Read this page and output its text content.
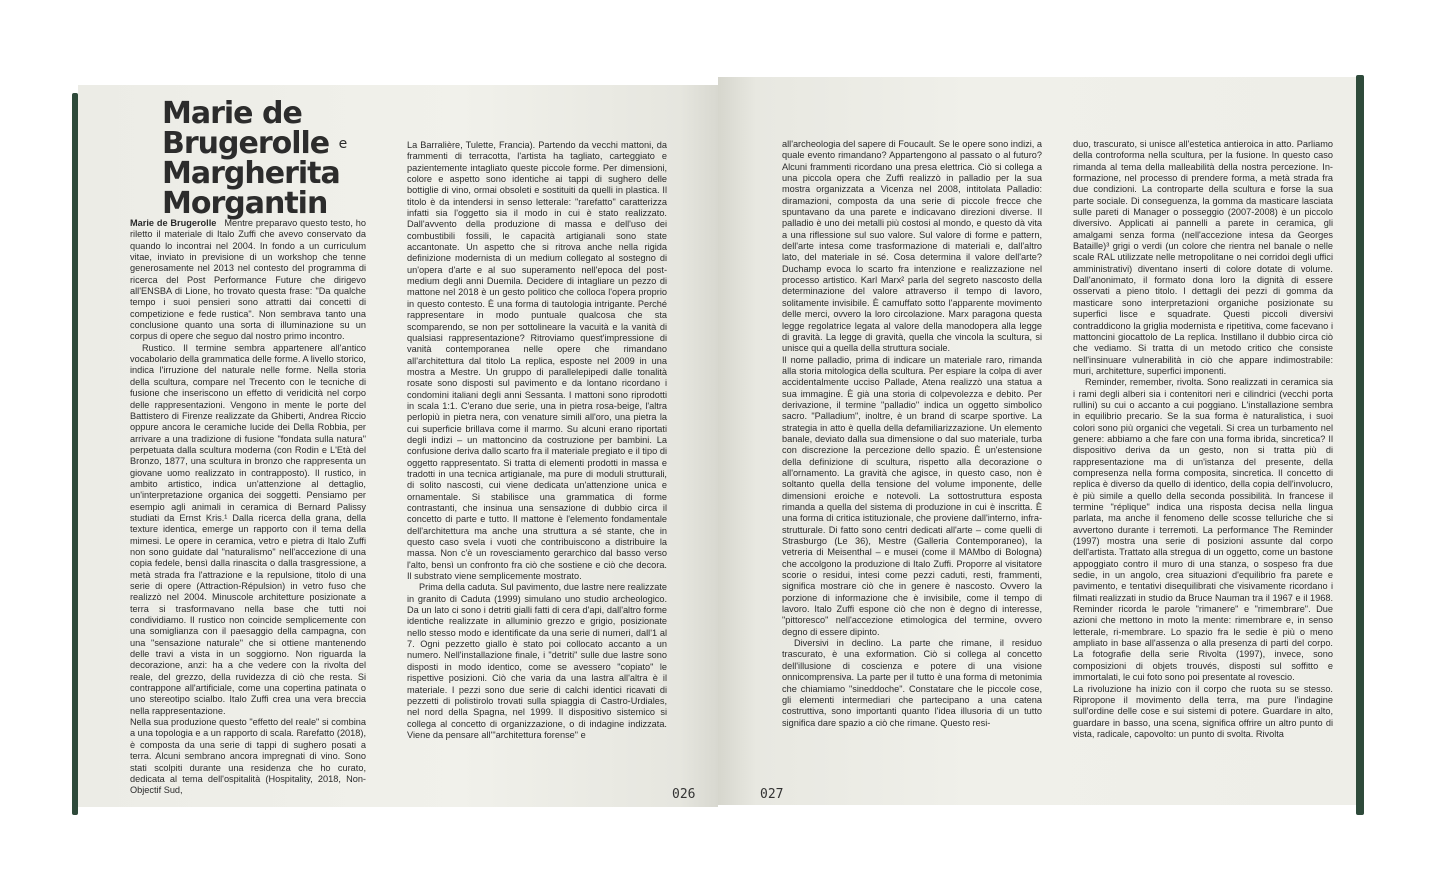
Marie de
Brugerolle $^e$
Margherita
Morgantin

Marie de Brugerolle Mentre preparavo questo testo, ho riletto il materiale di Italo Zuffi che avevo conservato da quando lo incontrai nel 2004. In fondo a un curriculum vitae, inviato in previsione di un workshop che tenne generosamente nel 2013 nel contesto del programma di ricerca del Post Performance Future che dirigevo all'ENSBA di Lione, ho trovato questa frase: "Da qualche tempo i suoi pensieri sono attratti dai concetti di competizione e fede rustica". Non sembrava tanto una conclusione quanto una sorta di illuminazione su un corpus di opere che seguo dal nostro primo incontro.

Rustico. Il termine sembra appartenere all'antico vocabolario della grammatica delle forme. A livello storico, indica l'irruzione del naturale nelle forme. Nella storia della scultura, compare nel Trecento con le tecniche di fusione che inseriscono un effetto di veridicità nel corpo delle rappresentazioni. Vengono in mente le porte del Battistero di Firenze realizzate da Ghiberti, Andrea Riccio oppure ancora le ceramiche lucide dei Della Robbia, per arrivare a una tradizione di fusione "fondata sulla natura" perpetuata dalla scultura moderna (con Rodin e L'Età del Bronzo, 1877, una scultura in bronzo che rappresenta un giovane uomo realizzato in contrapposto). Il rustico, in ambito artistico, indica un'attenzione al dettaglio, un'interpretazione organica dei soggetti. Pensiamo per esempio agli animali in ceramica di Bernard Palissy studiati da Ernst Kris.¹ Dalla ricerca della grana, della texture identica, emerge un rapporto con il tema della mimesi. Le opere in ceramica, vetro e pietra di Italo Zuffi non sono guidate dal "naturalismo" nell'accezione di una copia fedele, bensì dalla rinascita o dalla trasgressione, a metà strada fra l'attrazione e la repulsione, titolo di una serie di opere (Attraction-Répulsion) in vetro fuso che realizzò nel 2004. Minuscole architetture posizionate a terra si trasformavano nella base che tutti noi condividiamo. Il rustico non coincide semplicemente con una somiglianza con il paesaggio della campagna, con una "sensazione naturale" che si ottiene mantenendo delle travi a vista in un soggiorno. Non riguarda la decorazione, anzi: ha a che vedere con la rivolta del reale, del grezzo, della ruvidezza di ciò che resta. Si contrappone all'artificiale, come una copertina patinata o uno stereotipo scialbo. Italo Zuffi crea una vera breccia nella rappresentazione.

Nella sua produzione questo "effetto del reale" si combina a una topologia e a un rapporto di scala. Rarefatto (2018), è composta da una serie di tappi di sughero posati a terra. Alcuni sembrano ancora impregnati di vino. Sono stati scolpiti durante una residenza che ho curato, dedicata al tema dell'ospitalità (Hospitality, 2018, Non-Objectif Sud,

La Barralière, Tulette, Francia). Partendo da vecchi mattoni, da frammenti di terracotta, l'artista ha tagliato, carteggiato e pazientemente intagliato queste piccole forme. Per dimensioni, colore e aspetto sono identiche ai tappi di sughero delle bottiglie di vino, ormai obsoleti e sostituiti da quelli in plastica. Il titolo è da intendersi in senso letterale: "rarefatto" caratterizza infatti sia l'oggetto sia il modo in cui è stato realizzato. Dall'avvento della produzione di massa e dell'uso dei combustibili fossili, le capacità artigianali sono state accantonate. Un aspetto che si ritrova anche nella rigida definizione modernista di un medium collegato al sostegno di un'opera d'arte e al suo superamento nell'epoca del post-medium degli anni Duemila. Decidere di intagliare un pezzo di mattone nel 2018 è un gesto politico che colloca l'opera proprio in questo contesto. È una forma di tautologia intrigante. Perché rappresentare in modo puntuale qualcosa che sta scomparendo, se non per sottolineare la vacuità e la vanità di qualsiasi rappresentazione? Ritroviamo quest'impressione di vanità contemporanea nelle opere che rimandano all'architettura dal titolo La replica, esposte nel 2009 in una mostra a Mestre. Un gruppo di parallelepipedi dalle tonalità rosate sono disposti sul pavimento e da lontano ricordano i condomini italiani degli anni Sessanta. I mattoni sono riprodotti in scala 1:1. C'erano due serie, una in pietra rosa-beige, l'altra perlopiù in pietra nera, con venature simili all'oro, una pietra la cui superficie brillava come il marmo. Su alcuni erano riportati degli indizi – un mattoncino da costruzione per bambini. La confusione deriva dallo scarto fra il materiale pregiato e il tipo di oggetto rappresentato. Si tratta di elementi prodotti in massa e tradotti in una tecnica artigianale, ma pure di moduli strutturali, di solito nascosti, cui viene dedicata un'attenzione unica e ornamentale. Si stabilisce una grammatica di forme contrastanti, che insinua una sensazione di dubbio circa il concetto di parte e tutto. Il mattone è l'elemento fondamentale dell'architettura ma anche una struttura a sé stante, che in questo caso svela i vuoti che contribuiscono a distribuire la massa. Non c'è un rovesciamento gerarchico dal basso verso l'alto, bensì un confronto fra ciò che sostiene e ciò che decora. Il substrato viene semplicemente mostrato.

Prima della caduta. Sul pavimento, due lastre nere realizzate in granito di Caduta (1999) simulano uno studio archeologico. Da un lato ci sono i detriti gialli fatti di cera d'api, dall'altro forme identiche realizzate in alluminio grezzo e grigio, posizionate nello stesso modo e identificate da una serie di numeri, dall'1 al 7. Ogni pezzetto giallo è stato poi collocato accanto a un numero. Nell'installazione finale, i "detriti" sulle due lastre sono disposti in modo identico, come se avessero "copiato" le rispettive posizioni. Ciò che varia da una lastra all'altra è il materiale. I pezzi sono due serie di calchi identici ricavati di pezzetti di polistirolo trovati sulla spiaggia di Castro-Urdiales, nel nord della Spagna, nel 1999. Il dispositivo sistemico si collega al concetto di organizzazione, o di indagine indizzata. Viene da pensare all'"architettura forense" e

026

all'archeologia del sapere di Foucault. Se le opere sono indizi, a quale evento rimandano? Appartengono al passato o al futuro? Alcuni frammenti ricordano una presa elettrica. Ciò si collega a una piccola opera che Zuffi realizzò in palladio per la sua mostra organizzata a Vicenza nel 2008, intitolata Palladio: diramazioni, composta da una serie di piccole frecce che spuntavano da una parete e indicavano direzioni diverse. Il palladio è uno dei metalli più costosi al mondo, e questo dà vita a una riflessione sul suo valore. Sul valore di forme e pattern, dell'arte intesa come trasformazione di materiali e, dall'altro lato, del materiale in sé. Cosa determina il valore dell'arte? Duchamp evoca lo scarto fra intenzione e realizzazione nel processo artistico. Karl Marx² parla del segreto nascosto della determinazione del valore attraverso il tempo di lavoro, solitamente invisibile. È camuffato sotto l'apparente movimento delle merci, ovvero la loro circolazione. Marx paragona questa legge regolatrice legata al valore della manodopera alla legge di gravità. La legge di gravità, quella che vincola la scultura, si unisce qui a quella della struttura sociale.

Il nome palladio, prima di indicare un materiale raro, rimanda alla storia mitologica della scultura. Per espiare la colpa di aver accidentalmente ucciso Pallade, Atena realizzò una statua a sua immagine. È già una storia di colpevolezza e debito. Per derivazione, il termine "palladio" indica un oggetto simbolico sacro. "Palladium", inoltre, è un brand di scarpe sportive. La strategia in atto è quella della defamiliarizzazione. Un elemento banale, deviato dalla sua dimensione o dal suo materiale, turba con discrezione la percezione dello spazio. È un'estensione della definizione di scultura, rispetto alla decorazione o all'ornamento. La gravità che agisce, in questo caso, non è soltanto quella della tensione del volume imponente, delle dimensioni eroiche e notevoli. La sottostruttura esposta rimanda a quella del sistema di produzione in cui è inscritta. È una forma di critica istituzionale, che proviene dall'interno, infra-strutturale. Di fatto sono centri dedicati all'arte – come quelli di Strasburgo (Le 36), Mestre (Galleria Contemporaneo), la vetreria di Meisenthal – e musei (come il MAMbo di Bologna) che accolgono la produzione di Italo Zuffi. Proporre al visitatore scorie o residui, intesi come pezzi caduti, resti, frammenti, significa mostrare ciò che in genere è nascosto. Ovvero la porzione di informazione che è invisibile, come il tempo di lavoro. Italo Zuffi espone ciò che non è degno di interesse, "pittoresco" nell'accezione etimologica del termine, ovvero degno di essere dipinto.

Diversivi in declino. La parte che rimane, il residuo trascurato, è una exformation. Ciò si collega al concetto dell'illusione di coscienza e potere di una visione onnicomprensiva. La parte per il tutto è una forma di metonimia che chiamiamo "sineddoche". Constatare che le piccole cose, gli elementi intermediari che partecipano a una catena costruttiva, sono importanti quanto l'idea illusoria di un tutto significa dare spazio a ciò che rimane. Questo resi-

duo, trascurato, si unisce all'estetica antieroica in atto. Parliamo della controforma nella scultura, per la fusione. In questo caso rimanda al tema della malleabilità della nostra percezione. In-formazione, nel processo di prendere forma, a metà strada fra due condizioni. La controparte della scultura e forse la sua parte sociale. Di conseguenza, la gomma da masticare lasciata sulle pareti di Manager o posseggio (2007-2008) è un piccolo diversivo. Applicati ai pannelli a parete in ceramica, gli amalgami senza forma (nell'accezione intesa da Georges Bataille)³ grigi o verdi (un colore che rientra nel banale o nelle scale RAL utilizzate nelle metropolitane o nei corridoi degli uffici amministrativi) diventano inserti di colore dotate di volume. Dall'anonimato, il formato dona loro la dignità di essere osservati a pieno titolo. I dettagli dei pezzi di gomma da masticare sono interpretazioni organiche posizionate su superfici lisce e squadrate. Questi piccoli diversivi contraddicono la griglia modernista e ripetitiva, come facevano i mattoncini giocattolo de La replica. Instillano il dubbio circa ciò che vediamo. Si tratta di un metodo critico che consiste nell'insinuare vulnerabilità in ciò che appare indimostrabile: muri, architetture, superfici imponenti.

Reminder, remember, rivolta. Sono realizzati in ceramica sia i rami degli alberi sia i contenitori neri e cilindrici (vecchi porta rullini) su cui o accanto a cui poggiano. L'installazione sembra in equilibrio precario. Se la sua forma è naturalistica, i suoi colori sono più organici che vegetali. Si crea un turbamento nel genere: abbiamo a che fare con una forma ibrida, sincretica? Il dispositivo deriva da un gesto, non si tratta più di rappresentazione ma di un'istanza del presente, della compresenza nella forma composita, sincretica. Il concetto di replica è diverso da quello di identico, della copia dell'involucro, è più simile a quello della seconda possibilità. In francese il termine "réplique" indica una risposta decisa nella lingua parlata, ma anche il fenomeno delle scosse telluriche che si avvertono durante i terremoti. La performance The Reminder (1997) mostra una serie di posizioni assunte dal corpo dell'artista. Trattato alla stregua di un oggetto, come un bastone appoggiato contro il muro di una stanza, o sospeso fra due sedie, in un angolo, crea situazioni d'equilibrio fra parete e pavimento, e tentativi disequilibrati che visivamente ricordano i filmati realizzati in studio da Bruce Nauman tra il 1967 e il 1968. Reminder ricorda le parole "rimanere" e "rimembrare". Due azioni che mettono in moto la mente: rimembrare e, in senso letterale, ri-membrare. Lo spazio fra le sedie è più o meno ampliato in base all'assenza o alla presenza di parti del corpo. La fotografie della serie Rivolta (1997), invece, sono composizioni di objets trouvés, disposti sul soffitto e immortalati, le cui foto sono poi presentate al rovescio.

La rivoluzione ha inizio con il corpo che ruota su se stesso. Ripropone il movimento della terra, ma pure l'indagine sull'ordine delle cose e sui sistemi di potere. Guardare in alto, guardare in basso, una scena, significa offrire un altro punto di vista, radicale, capovolto: un punto di svolta. Rivolta

027
